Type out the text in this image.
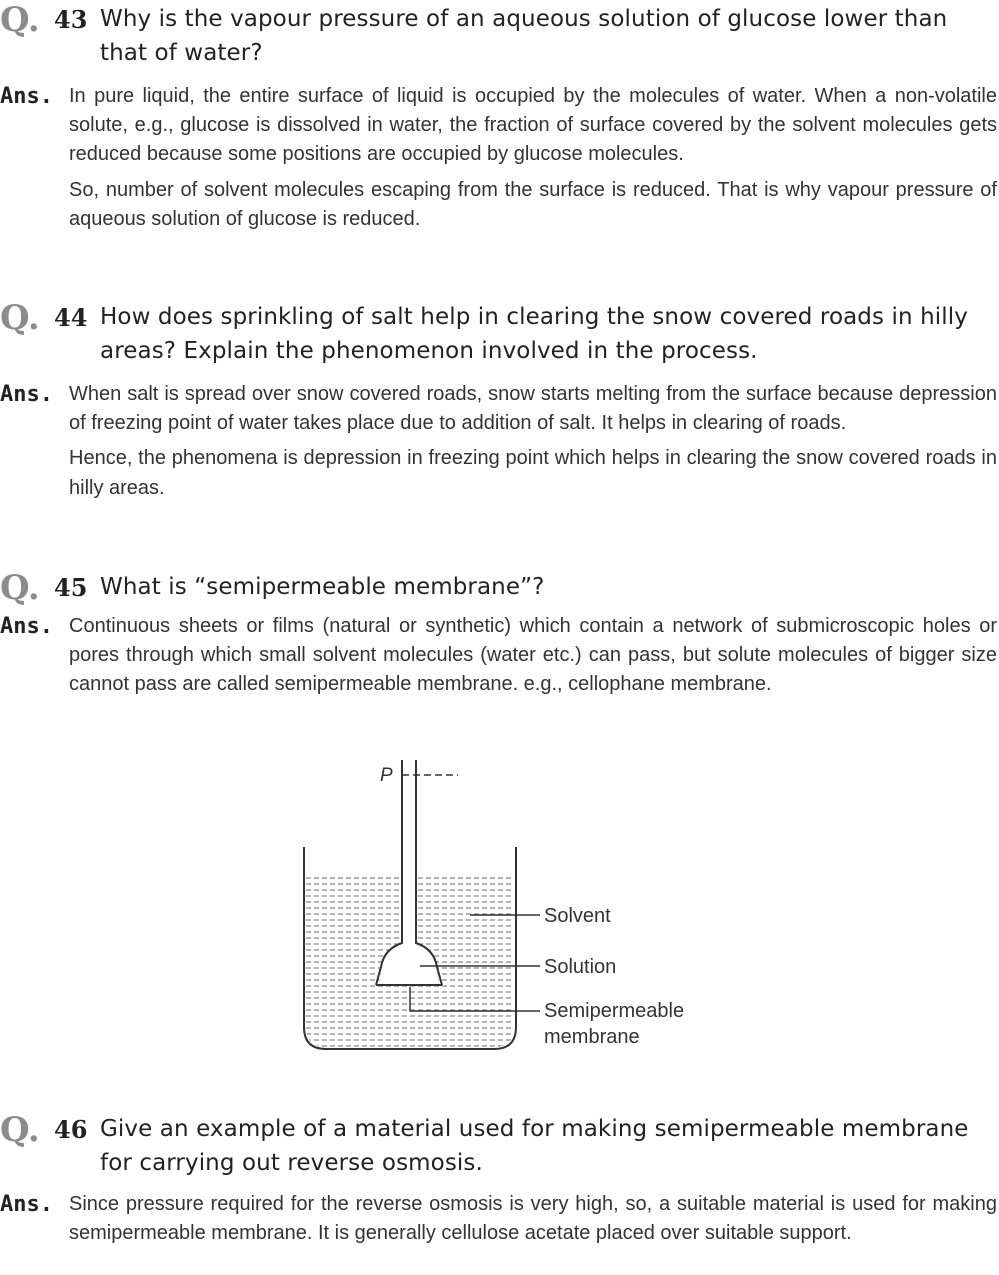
Q. 43 Why is the vapour pressure of an aqueous solution of glucose lower than that of water?
Ans. In pure liquid, the entire surface of liquid is occupied by the molecules of water. When a non-volatile solute, e.g., glucose is dissolved in water, the fraction of surface covered by the solvent molecules gets reduced because some positions are occupied by glucose molecules.

So, number of solvent molecules escaping from the surface is reduced. That is why vapour pressure of aqueous solution of glucose is reduced.

Q. 44 How does sprinkling of salt help in clearing the snow covered roads in hilly areas? Explain the phenomenon involved in the process.
Ans. When salt is spread over snow covered roads, snow starts melting from the surface because depression of freezing point of water takes place due to addition of salt. It helps in clearing of roads.

Hence, the phenomena is depression in freezing point which helps in clearing the snow covered roads in hilly areas.

Q. 45 What is “semipermeable membrane”?
Ans. Continuous sheets or films (natural or synthetic) which contain a network of submicroscopic holes or pores through which small solvent molecules (water etc.) can pass, but solute molecules of bigger size cannot pass are called semipermeable membrane. e.g., cellophane membrane.

P
Solvent
Solution
Semipermeable
membrane
Q. 46 Give an example of a material used for making semipermeable membrane for carrying out reverse osmosis.
Ans. Since pressure required for the reverse osmosis is very high, so, a suitable material is used for making semipermeable membrane. It is generally cellulose acetate placed over suitable support.
